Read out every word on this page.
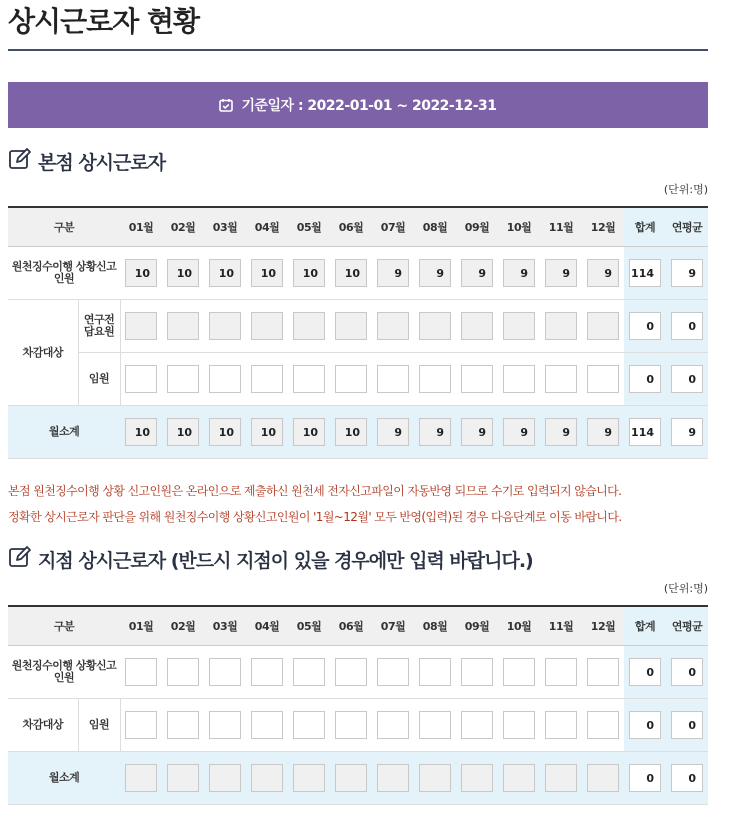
상시근로자 현황
기준일자 : 2022-01-01 ~ 2022-12-31
본점 상시근로자
(단위:명)
구분		01월	02월	03월	04월	05월	06월	07월	08월	09월	10월	11월	12월	합계	연평균
원천징수이행 상황신고인원		10	10	10	10	10	10	9	9	9	9	9	9	114	9

차감대상	연구전 담요원													0	0

	임원													0	0

월소계		10	10	10	10	10	10	9	9	9	9	9	9	114	9
본점 원천징수이행 상황 신고인원은 온라인으로 제출하신 원천세 전자신고파일이 자동반영 되므로 수기로 입력되지 않습니다.
정확한 상시근로자 판단을 위해 원천징수이행 상황신고인원이 '1월~12월' 모두 반영(입력)된 경우 다음단계로 이동 바랍니다.
지점 상시근로자 (반드시 지점이 있을 경우에만 입력 바랍니다.)
(단위:명)
구분		01월	02월	03월	04월	05월	06월	07월	08월	09월	10월	11월	12월	합계	연평균
원천징수이행 상황신고인원														0	0

차감대상	임원													0	0

월소계														0	0
